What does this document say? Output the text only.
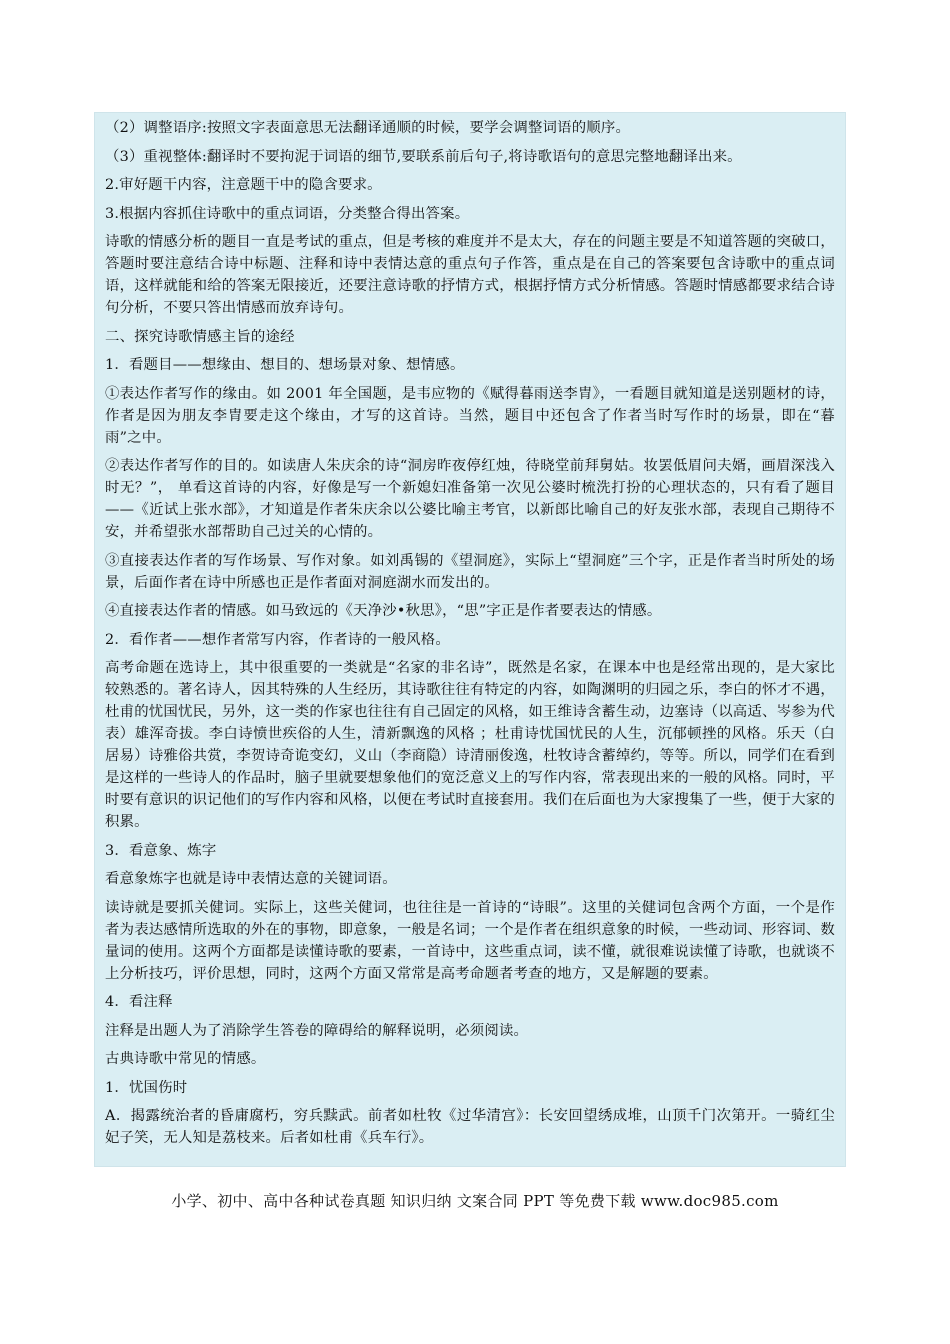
（2）调整语序:按照文字表面意思无法翻译通顺的时候，要学会调整词语的顺序。

（3）重视整体:翻译时不要拘泥于词语的细节,要联系前后句子,将诗歌语句的意思完整地翻译出来。

2.审好题干内容，注意题干中的隐含要求。

3.根据内容抓住诗歌中的重点词语，分类整合得出答案。

诗歌的情感分析的题目一直是考试的重点，但是考核的难度并不是太大，存在的问题主要是不知道答题的突破口，答题时要注意结合诗中标题、注释和诗中表情达意的重点句子作答，重点是在自己的答案要包含诗歌中的重点词语，这样就能和给的答案无限接近，还要注意诗歌的抒情方式，根据抒情方式分析情感。答题时情感都要求结合诗句分析，不要只答出情感而放弃诗句。

二、探究诗歌情感主旨的途经

1．看题目——想缘由、想目的、想场景对象、想情感。

①表达作者写作的缘由。如 2001 年全国题，是韦应物的《赋得暮雨送李胄》，一看题目就知道是送别题材的诗，作者是因为朋友李胄要走这个缘由，才写的这首诗。当然，题目中还包含了作者当时写作时的场景，即在“暮雨”之中。

②表达作者写作的目的。如读唐人朱庆余的诗“洞房昨夜停红烛，待晓堂前拜舅姑。妆罢低眉问夫婿，画眉深浅入时无？”， 单看这首诗的内容，好像是写一个新媳妇准备第一次见公婆时梳洗打扮的心理状态的，只有看了题目——《近试上张水部》，才知道是作者朱庆余以公婆比喻主考官，以新郎比喻自己的好友张水部，表现自己期待不安，并希望张水部帮助自己过关的心情的。

③直接表达作者的写作场景、写作对象。如刘禹锡的《望洞庭》，实际上“望洞庭”三个字，正是作者当时所处的场景，后面作者在诗中所感也正是作者面对洞庭湖水而发出的。

④直接表达作者的情感。如马致远的《天净沙•秋思》，“思”字正是作者要表达的情感。

2．看作者——想作者常写内容，作者诗的一般风格。

高考命题在选诗上，其中很重要的一类就是“名家的非名诗”，既然是名家，在课本中也是经常出现的，是大家比较熟悉的。著名诗人，因其特殊的人生经历，其诗歌往往有特定的内容，如陶渊明的归园之乐，李白的怀才不遇，杜甫的忧国忧民，另外，这一类的作家也往往有自己固定的风格，如王维诗含蓄生动，边塞诗（以高适、岑参为代表）雄浑奇拔。李白诗愤世疾俗的人生，清新飘逸的风格 ；杜甫诗忧国忧民的人生，沉郁顿挫的风格。乐天（白居易）诗雅俗共赏，李贺诗奇诡变幻，义山（李商隐）诗清丽俊逸，杜牧诗含蓄绰约，等等。所以，同学们在看到是这样的一些诗人的作品时，脑子里就要想象他们的宽泛意义上的写作内容，常表现出来的一般的风格。同时，平时要有意识的识记他们的写作内容和风格，以便在考试时直接套用。我们在后面也为大家搜集了一些，便于大家的积累。

3．看意象、炼字

看意象炼字也就是诗中表情达意的关键词语。

读诗就是要抓关健词。实际上，这些关健词，也往往是一首诗的“诗眼”。这里的关健词包含两个方面，一个是作者为表达感情所选取的外在的事物，即意象，一般是名词；一个是作者在组织意象的时候，一些动词、形容词、数量词的使用。这两个方面都是读懂诗歌的要素，一首诗中，这些重点词，读不懂，就很难说读懂了诗歌，也就谈不上分析技巧，评价思想，同时，这两个方面又常常是高考命题者考查的地方，又是解题的要素。

4．看注释

注释是出题人为了消除学生答卷的障碍给的解释说明，必须阅读。

古典诗歌中常见的情感。

1．忧国伤时

A．揭露统治者的昏庸腐朽，穷兵黩武。前者如杜牧《过华清宫》：长安回望绣成堆，山顶千门次第开。一骑红尘妃子笑，无人知是荔枝来。后者如杜甫《兵车行》。

小学、初中、高中各种试卷真题 知识归纳 文案合同 PPT 等免费下载 www.doc985.com
